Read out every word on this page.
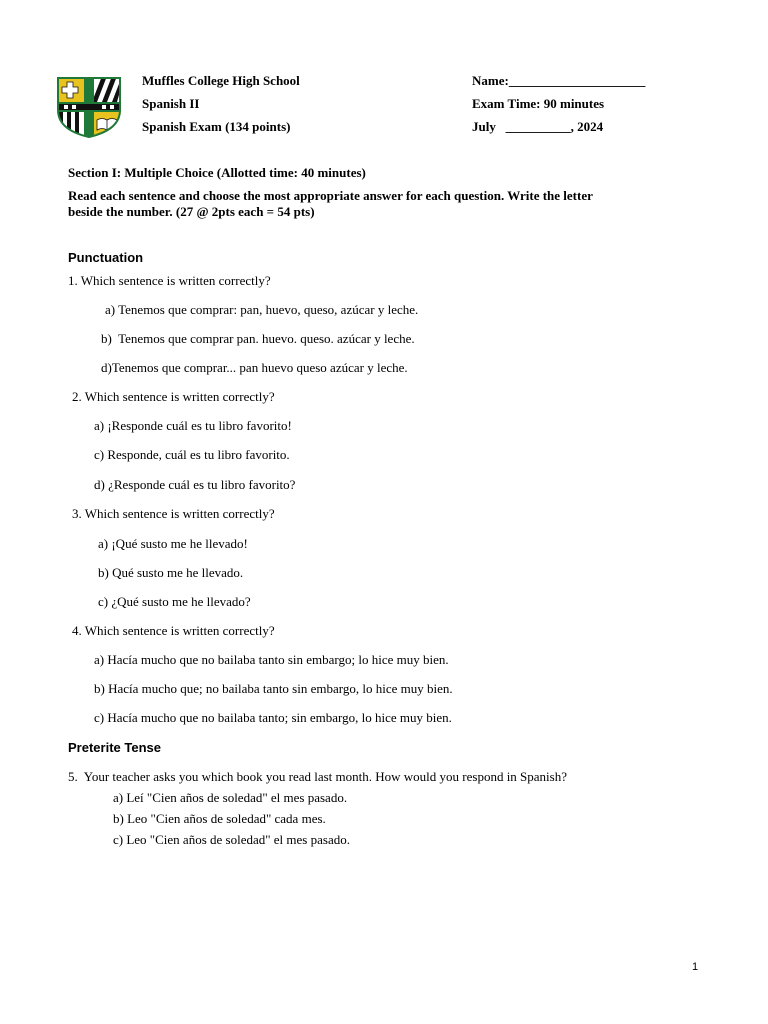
Muffles College High School
Spanish II
Spanish Exam (134 points)
Name:_____________________
Exam Time: 90 minutes
July   __________, 2024
Section I: Multiple Choice (Allotted time: 40 minutes)
Read each sentence and choose the most appropriate answer for each question. Write the letter
beside the number. (27 @ 2pts each = 54 pts)
Punctuation
1. Which sentence is written correctly?
a) Tenemos que comprar: pan, huevo, queso, azúcar y leche.
b)  Tenemos que comprar pan. huevo. queso. azúcar y leche.
d)Tenemos que comprar... pan huevo queso azúcar y leche.
2. Which sentence is written correctly?
a) ¡Responde cuál es tu libro favorito!
c) Responde, cuál es tu libro favorito.
d) ¿Responde cuál es tu libro favorito?
3. Which sentence is written correctly?
a) ¡Qué susto me he llevado!
b) Qué susto me he llevado.
c) ¿Qué susto me he llevado?
4. Which sentence is written correctly?
a) Hacía mucho que no bailaba tanto sin embargo; lo hice muy bien.
b) Hacía mucho que; no bailaba tanto sin embargo, lo hice muy bien.
c) Hacía mucho que no bailaba tanto; sin embargo, lo hice muy bien.
Preterite Tense
5.  Your teacher asks you which book you read last month. How would you respond in Spanish?
a) Leí "Cien años de soledad" el mes pasado.
b) Leo "Cien años de soledad" cada mes.
c) Leo "Cien años de soledad" el mes pasado.
1
